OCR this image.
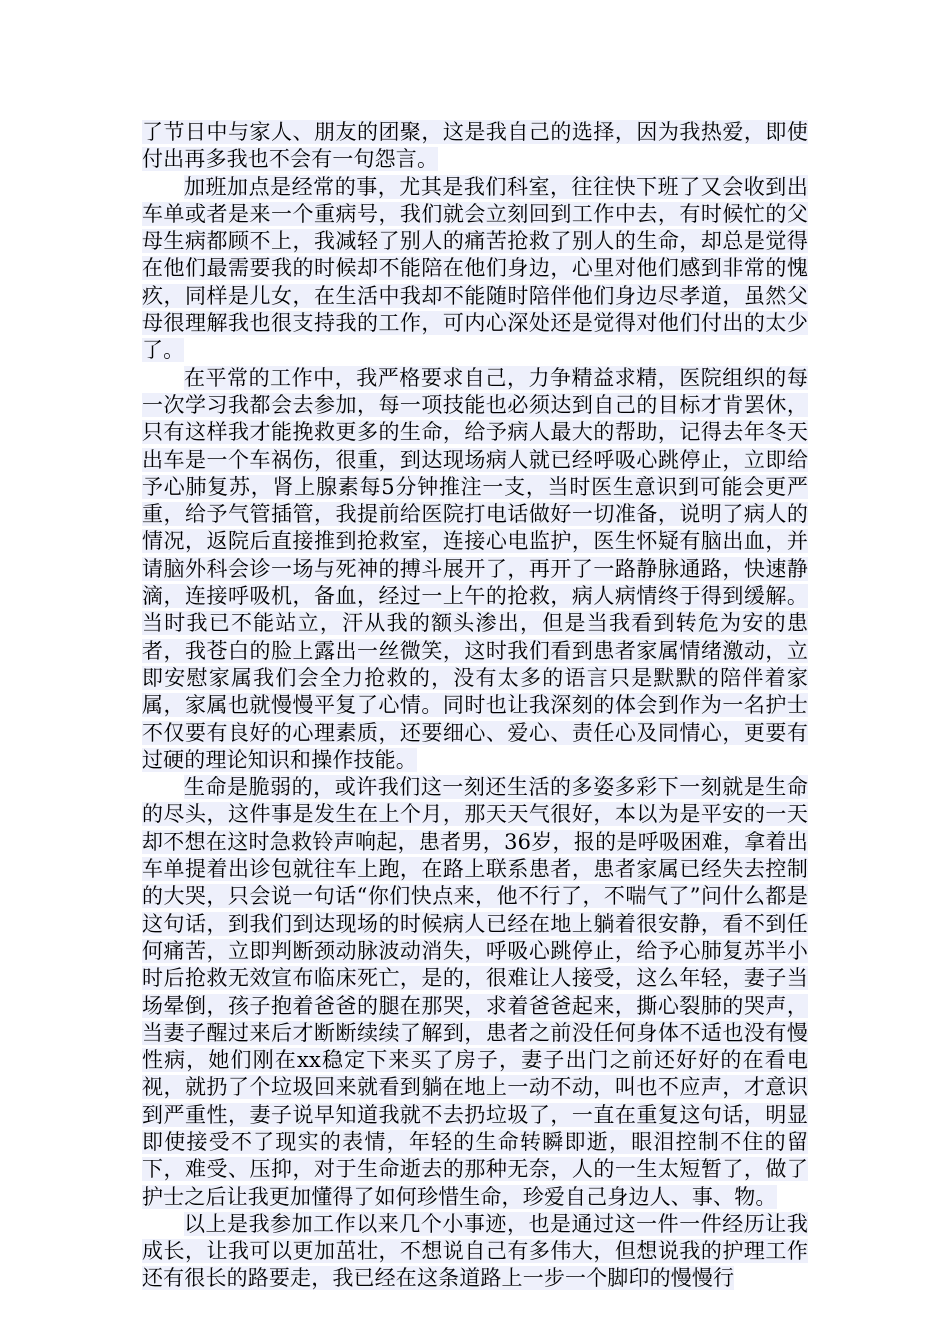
了节日中与家人、朋友的团聚，这是我自己的选择，因为我热爱，即使付出再多我也不会有一句怨言。

加班加点是经常的事，尤其是我们科室，往往快下班了又会收到出车单或者是来一个重病号，我们就会立刻回到工作中去，有时候忙的父母生病都顾不上，我减轻了别人的痛苦抢救了别人的生命，却总是觉得在他们最需要我的时候却不能陪在他们身边，心里对他们感到非常的愧疚，同样是儿女，在生活中我却不能随时陪伴他们身边尽孝道，虽然父母很理解我也很支持我的工作，可内心深处还是觉得对他们付出的太少了。

在平常的工作中，我严格要求自己，力争精益求精，医院组织的每一次学习我都会去参加，每一项技能也必须达到自己的目标才肯罢休，只有这样我才能挽救更多的生命，给予病人最大的帮助，记得去年冬天出车是一个车祸伤，很重，到达现场病人就已经呼吸心跳停止，立即给予心肺复苏，肾上腺素每5分钟推注一支，当时医生意识到可能会更严重，给予气管插管，我提前给医院打电话做好一切准备，说明了病人的情况，返院后直接推到抢救室，连接心电监护，医生怀疑有脑出血，并请脑外科会诊一场与死神的搏斗展开了，再开了一路静脉通路，快速静滴，连接呼吸机，备血，经过一上午的抢救，病人病情终于得到缓解。当时我已不能站立，汗从我的额头渗出，但是当我看到转危为安的患者，我苍白的脸上露出一丝微笑，这时我们看到患者家属情绪激动，立即安慰家属我们会全力抢救的，没有太多的语言只是默默的陪伴着家属，家属也就慢慢平复了心情。同时也让我深刻的体会到作为一名护士不仅要有良好的心理素质，还要细心、爱心、责任心及同情心，更要有过硬的理论知识和操作技能。

生命是脆弱的，或许我们这一刻还生活的多姿多彩下一刻就是生命的尽头，这件事是发生在上个月，那天天气很好，本以为是平安的一天却不想在这时急救铃声响起，患者男，36岁，报的是呼吸困难，拿着出车单提着出诊包就往车上跑，在路上联系患者，患者家属已经失去控制的大哭，只会说一句话“你们快点来，他不行了，不喘气了”问什么都是这句话，到我们到达现场的时候病人已经在地上躺着很安静，看不到任何痛苦，立即判断颈动脉波动消失，呼吸心跳停止，给予心肺复苏半小时后抢救无效宣布临床死亡，是的，很难让人接受，这么年轻，妻子当场晕倒，孩子抱着爸爸的腿在那哭，求着爸爸起来，撕心裂肺的哭声，当妻子醒过来后才断断续续了解到，患者之前没任何身体不适也没有慢性病，她们刚在xx稳定下来买了房子，妻子出门之前还好好的在看电视，就扔了个垃圾回来就看到躺在地上一动不动，叫也不应声，才意识到严重性，妻子说早知道我就不去扔垃圾了，一直在重复这句话，明显即使接受不了现实的表情，年轻的生命转瞬即逝，眼泪控制不住的留下，难受、压抑，对于生命逝去的那种无奈，人的一生太短暂了，做了护士之后让我更加懂得了如何珍惜生命，珍爱自己身边人、事、物。

以上是我参加工作以来几个小事迹，也是通过这一件一件经历让我成长，让我可以更加茁壮，不想说自己有多伟大，但想说我的护理工作还有很长的路要走，我已经在这条道路上一步一个脚印的慢慢行
